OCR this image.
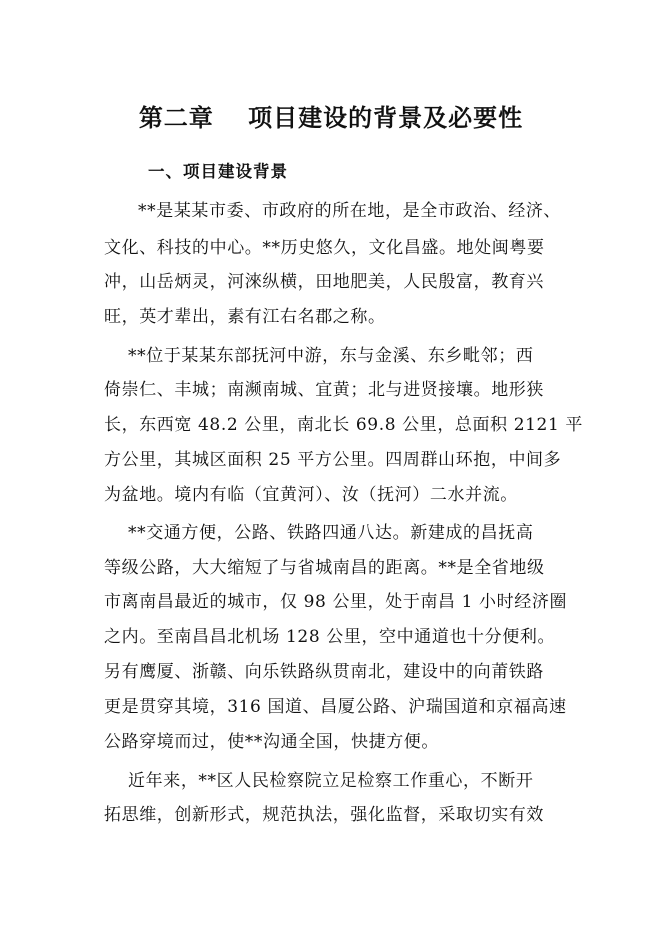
第二章　 项目建设的背景及必要性
一、项目建设背景

**是某某市委、市政府的所在地，是全市政治、经济、

文化、科技的中心。**历史悠久，文化昌盛。地处闽粤要

冲，山岳炳灵，河淶纵横，田地肥美，人民殷富，教育兴

旺，英才辈出，素有江右名郡之称。

**位于某某东部抚河中游，东与金溪、东乡毗邻；西

倚崇仁、丰城；南濒南城、宜黄；北与进贤接壤。地形狭

长，东西宽 48.2 公里，南北长 69.8 公里，总面积 2121 平

方公里，其城区面积 25 平方公里。四周群山环抱，中间多

为盆地。境内有临（宜黄河）、汝（抚河）二水并流。

**交通方便，公路、铁路四通八达。新建成的昌抚高

等级公路，大大缩短了与省城南昌的距离。**是全省地级

市离南昌最近的城市，仅 98 公里，处于南昌 1 小时经济圈

之内。至南昌昌北机场 128 公里，空中通道也十分便利。

另有鹰厦、浙赣、向乐铁路纵贯南北，建设中的向莆铁路

更是贯穿其境，316 国道、昌厦公路、沪瑞国道和京福高速

公路穿境而过，使**沟通全国，快捷方便。

近年来，**区人民检察院立足检察工作重心，不断开

拓思维，创新形式，规范执法，强化监督，采取切实有效
